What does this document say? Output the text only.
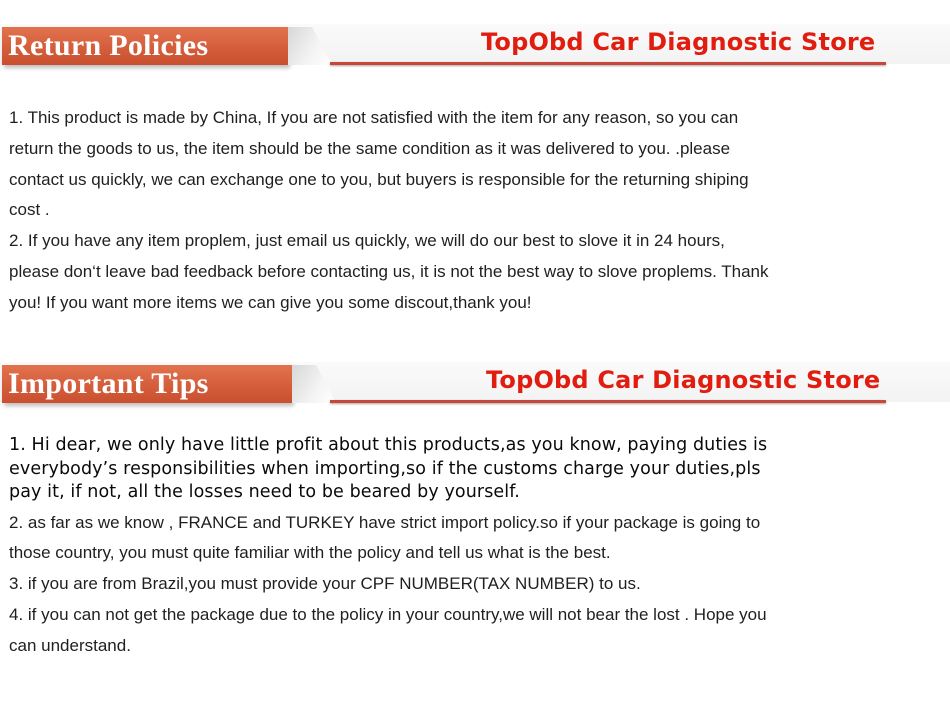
Return Policies	TopObd Car Diagnostic Store
1. This product is made by China, If you are not satisfied with the item for any reason, so you can
return the goods to us, the item should be the same condition as it was delivered to you. .please
contact us quickly, we can exchange one to you, but buyers is responsible for the returning shiping
cost .
2. If you have any item proplem, just email us quickly, we will do our best to slove it in 24 hours,
please don‘t leave bad feedback before contacting us, it is not the best way to slove proplems. Thank
you! If you want more items we can give you some discout,thank you!
Important Tips	TopObd Car Diagnostic Store
1. Hi dear, we only have little profit about this products,as you know, paying duties is
everybody’s responsibilities when importing,so if the customs charge your duties,pls
pay it, if not, all the losses need to be beared by yourself.
2. as far as we know , FRANCE and TURKEY have strict import policy.so if your package is going to
those country, you must quite familiar with the policy and tell us what is the best.
3. if you are from Brazil,you must provide your CPF NUMBER(TAX NUMBER) to us.
4. if you can not get the package due to the policy in your country,we will not bear the lost . Hope you
can understand.
